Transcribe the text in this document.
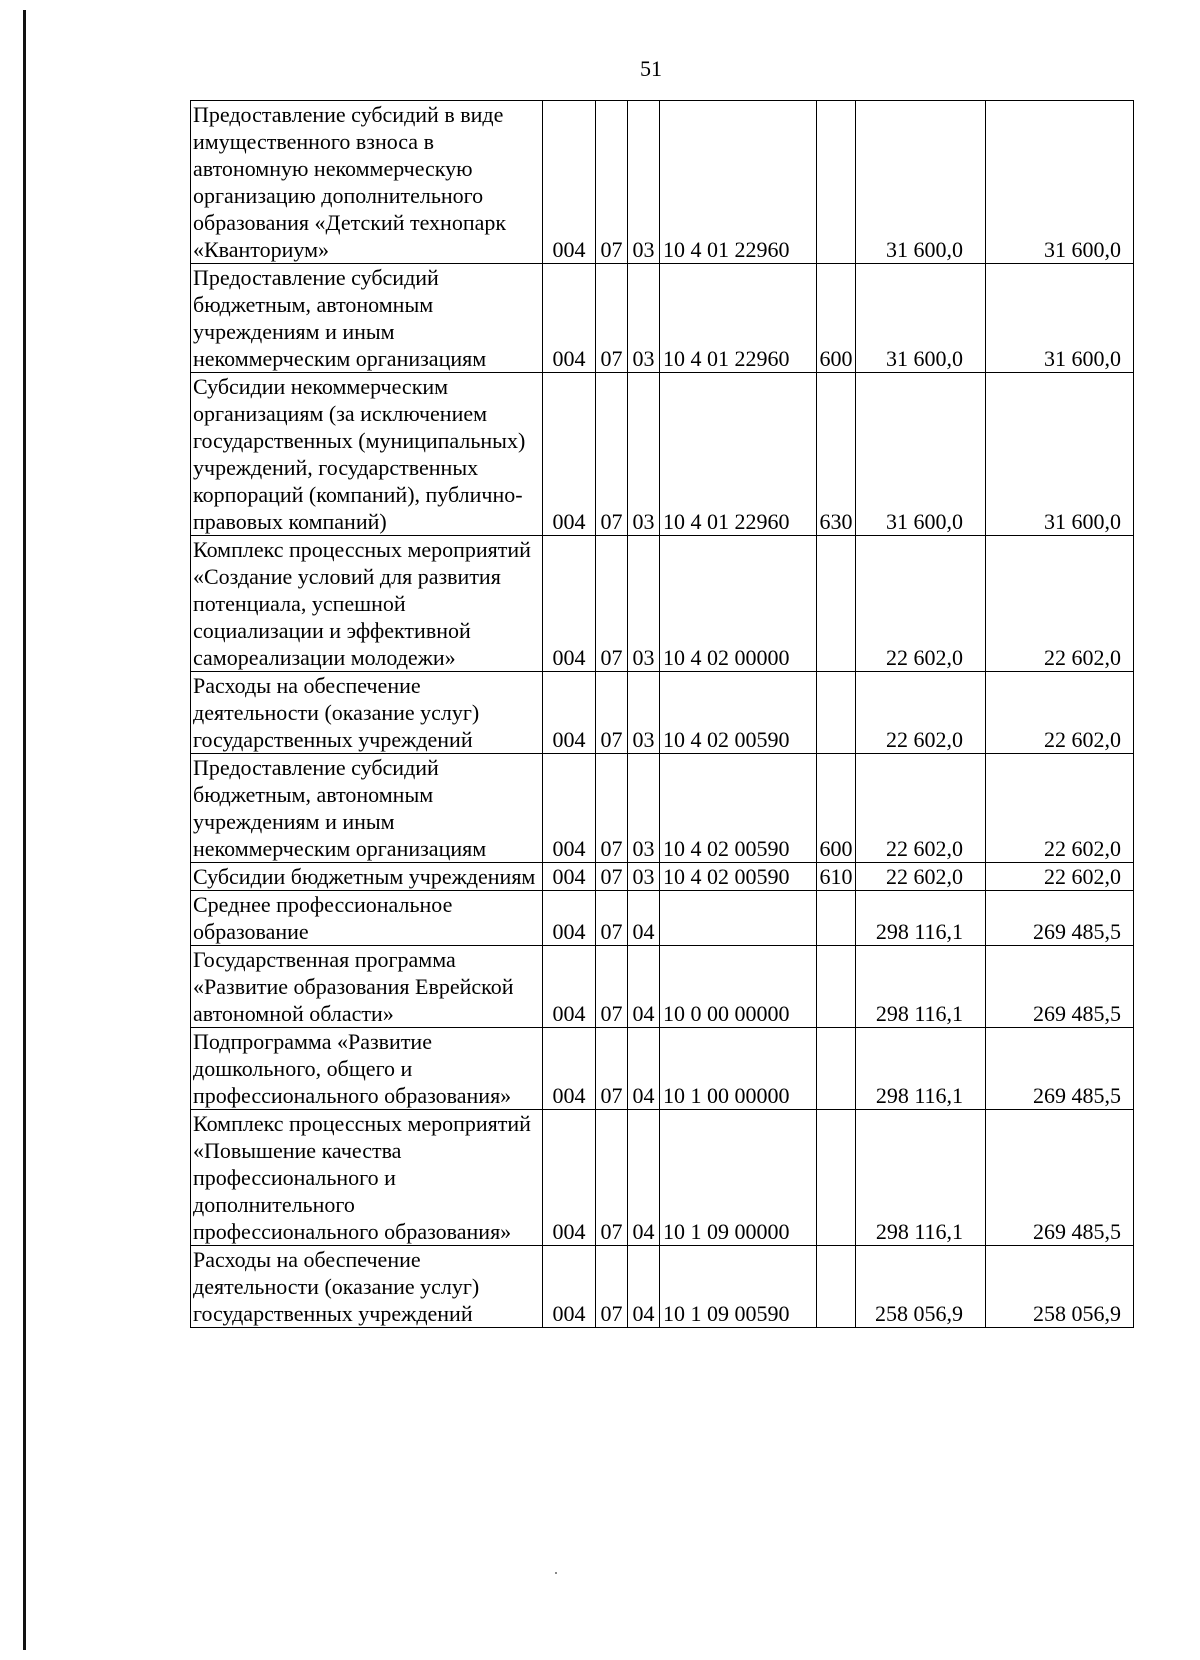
51
Предоставление субсидий в виде имущественного взноса в автономную некоммерческую организацию дополнительного образования «Детский технопарк «Кванториум»	004	07	03	10 4 01 22960		31 600,0	31 600,0
Предоставление субсидий бюджетным, автономным учреждениям и иным некоммерческим организациям	004	07	03	10 4 01 22960	600	31 600,0	31 600,0
Субсидии некоммерческим организациям (за исключением государственных (муниципальных) учреждений, государственных корпораций (компаний), публично-правовых компаний)	004	07	03	10 4 01 22960	630	31 600,0	31 600,0
Комплекс процессных мероприятий «Создание условий для развития потенциала, успешной социализации и эффективной самореализации молодежи»	004	07	03	10 4 02 00000		22 602,0	22 602,0
Расходы на обеспечение деятельности (оказание услуг) государственных учреждений	004	07	03	10 4 02 00590		22 602,0	22 602,0
Предоставление субсидий бюджетным, автономным учреждениям и иным некоммерческим организациям	004	07	03	10 4 02 00590	600	22 602,0	22 602,0
Субсидии бюджетным учреждениям	004	07	03	10 4 02 00590	610	22 602,0	22 602,0
Среднее профессиональное образование	004	07	04			298 116,1	269 485,5
Государственная программа «Развитие образования Еврейской автономной области»	004	07	04	10 0 00 00000		298 116,1	269 485,5
Подпрограмма «Развитие дошкольного, общего и профессионального образования»	004	07	04	10 1 00 00000		298 116,1	269 485,5
Комплекс процессных мероприятий «Повышение качества профессионального и дополнительного профессионального образования»	004	07	04	10 1 09 00000		298 116,1	269 485,5
Расходы на обеспечение деятельности (оказание услуг) государственных учреждений	004	07	04	10 1 09 00590		258 056,9	258 056,9
